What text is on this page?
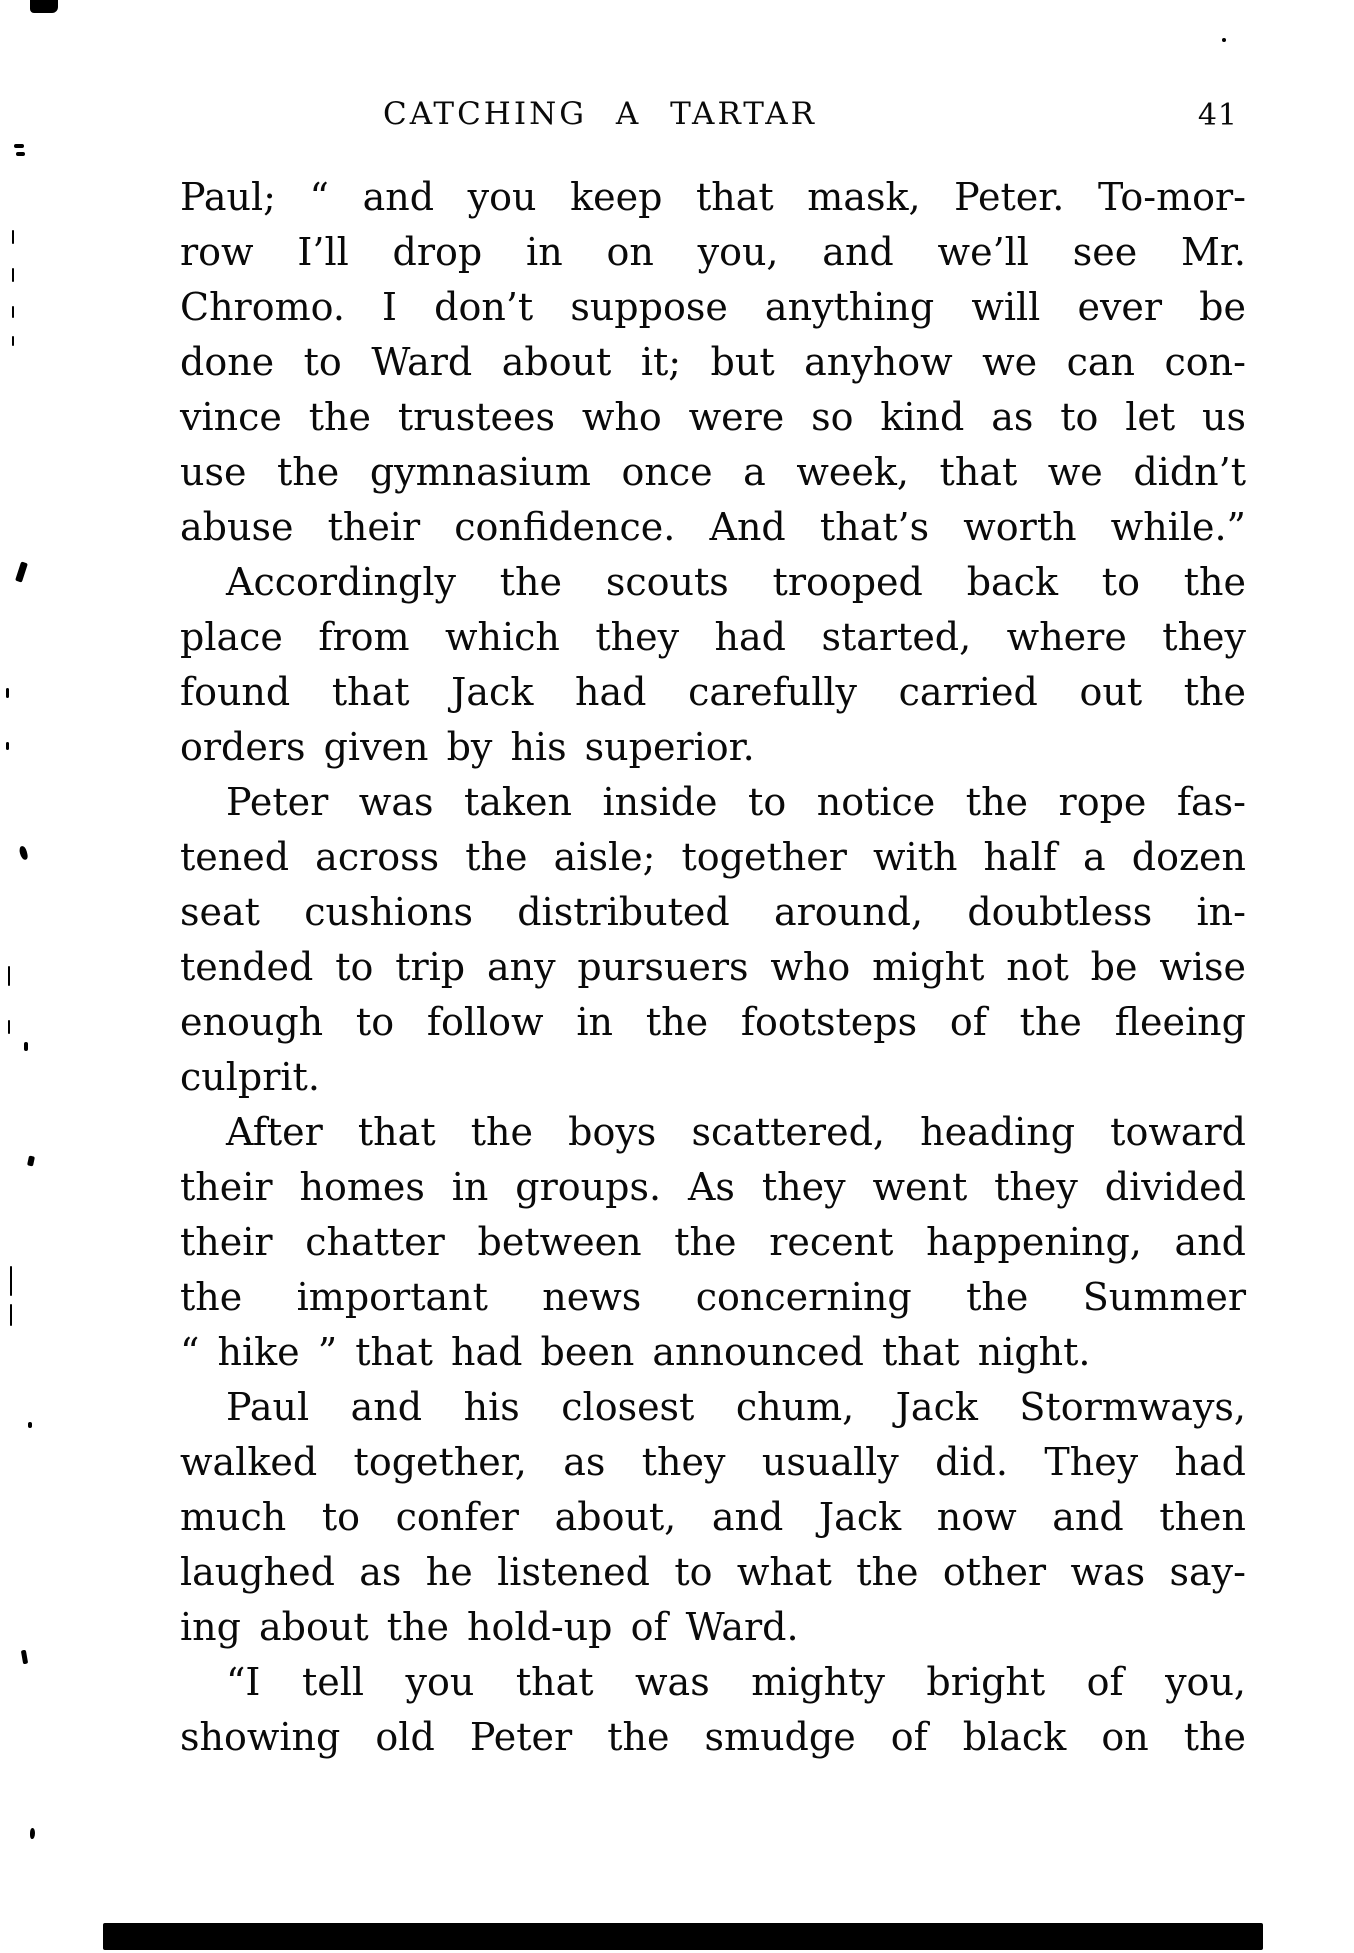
CATCHING A TARTAR	41
Paul; “ and you keep that mask, Peter. To-mor-
row I’ll drop in on you, and we’ll see Mr.
Chromo. I don’t suppose anything will ever be
done to Ward about it; but anyhow we can con-
vince the trustees who were so kind as to let us
use the gymnasium once a week, that we didn’t
abuse their confidence. And that’s worth while.”
Accordingly the scouts trooped back to the
place from which they had started, where they
found that Jack had carefully carried out the
orders given by his superior.
Peter was taken inside to notice the rope fas-
tened across the aisle; together with half a dozen
seat cushions distributed around, doubtless in-
tended to trip any pursuers who might not be wise
enough to follow in the footsteps of the fleeing
culprit.
After that the boys scattered, heading toward
their homes in groups. As they went they divided
their chatter between the recent happening, and
the important news concerning the Summer
“ hike ” that had been announced that night.
Paul and his closest chum, Jack Stormways,
walked together, as they usually did. They had
much to confer about, and Jack now and then
laughed as he listened to what the other was say-
ing about the hold-up of Ward.
“I tell you that was mighty bright of you,
showing old Peter the smudge of black on the
